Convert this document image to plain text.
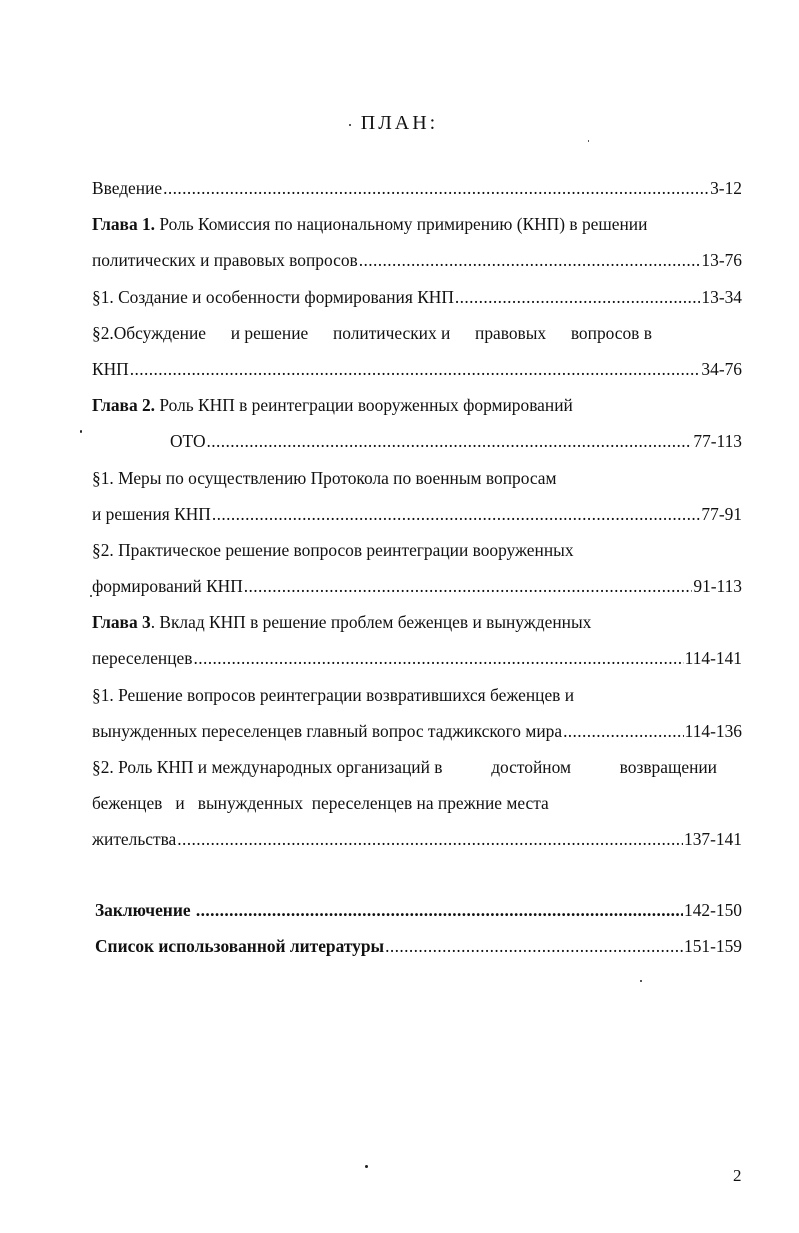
ПЛАН:
Введение .....	3-12
Глава 1. Роль Комиссия по национальному примирению (КНП) в решении
политических и правовых вопросов .....	13-76
§1. Создание и особенности формирования КНП .....	13-34
§2.Обсуждение и решение политических и правовых вопросов в
КНП .....	34-76
Глава 2. Роль КНП в реинтеграции вооруженных формирований
ОТО .....	77-113
§1. Меры по осуществлению Протокола по военным вопросам
и решения КНП .....	77-91
§2. Практическое решение вопросов реинтеграции вооруженных
формирований КНП .....	91-113
Глава 3. Вклад КНП в решение проблем беженцев и вынужденных
переселенцев .....	114-141
§1. Решение вопросов реинтеграции возвратившихся беженцев и
вынужденных переселенцев главный вопрос таджикского мира .....	114-136
§2. Роль КНП и международных организаций в	достойном	возвращении
беженцев   и   вынужденных  переселенцев на прежние места
жительства .....	137-141
Заключение .....	142-150
Список использованной литературы .....	151-159
2
